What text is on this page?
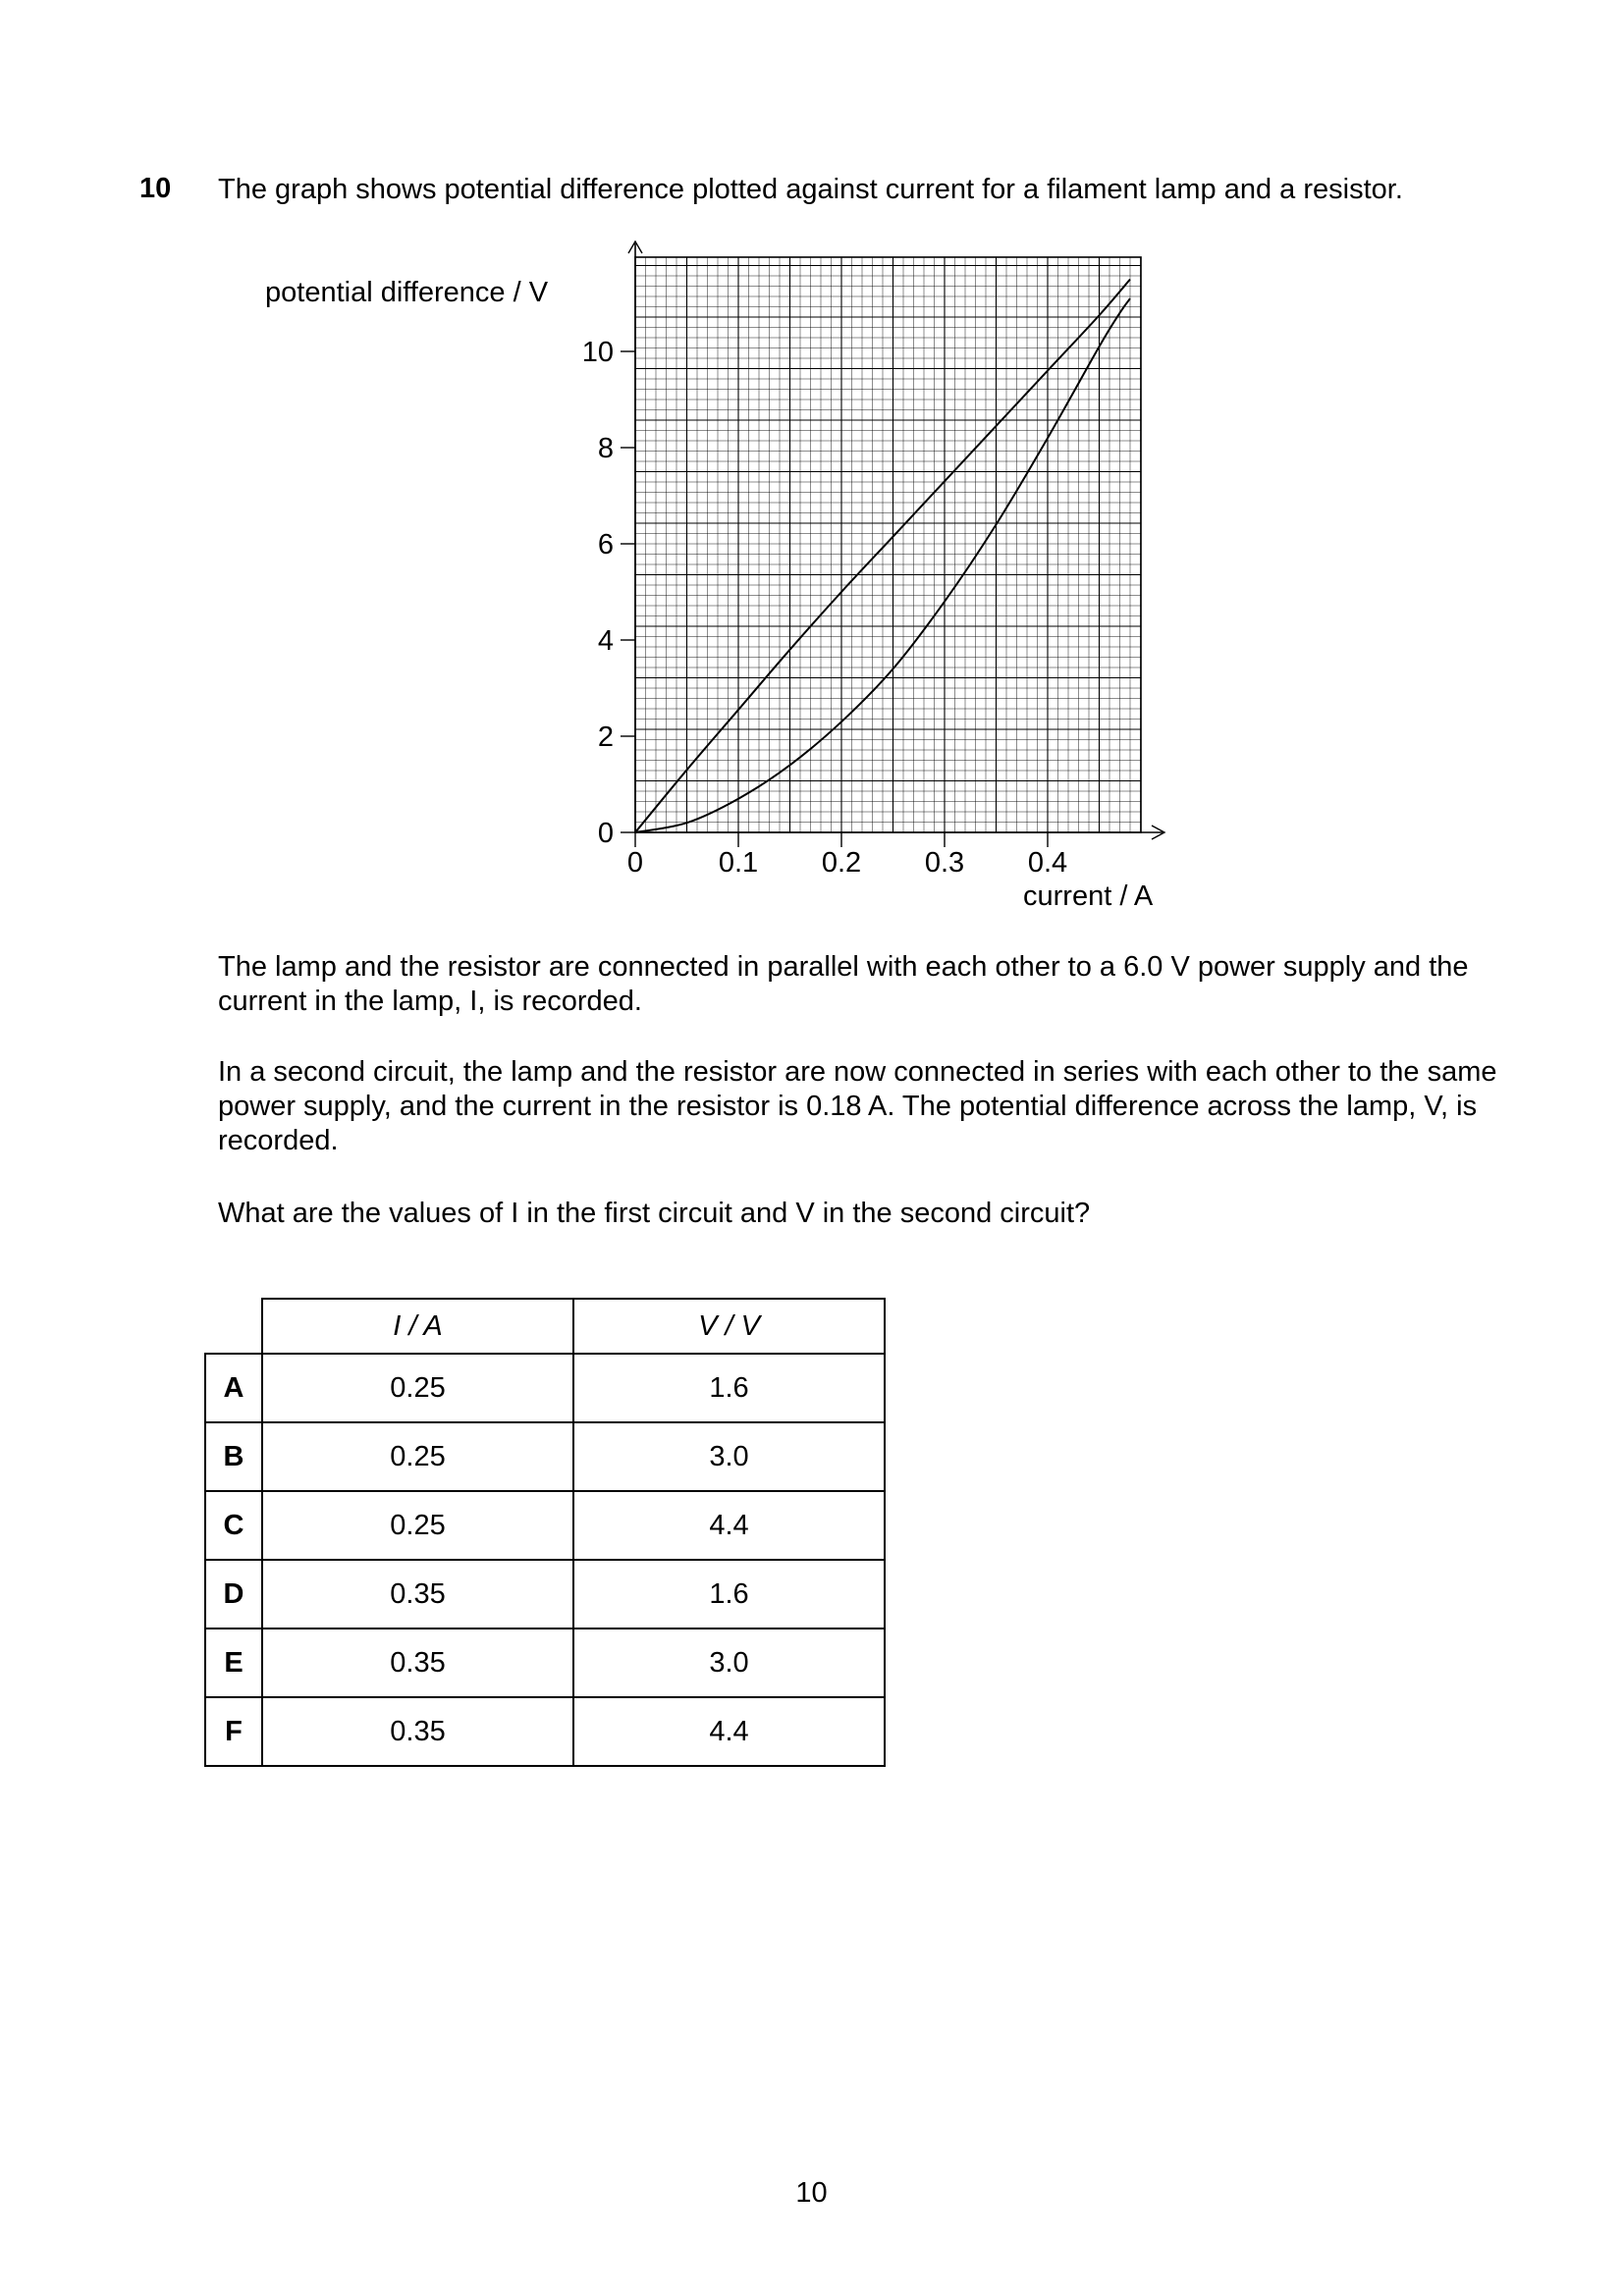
10 The graph shows potential difference plotted against current for a filament lamp and a resistor.
0
2
4
6
8
10
0	0.1 0.2 0.3 0.4
potential difference / V
current / A
The lamp and the resistor are connected in parallel with each other to a 6.0 V power supply and the current in the lamp, I, is recorded.
In a second circuit, the lamp and the resistor are now connected in series with each other to the same power supply, and the current in the resistor is 0.18 A. The potential difference across the lamp, V, is recorded.
What are the values of I in the first circuit and V in the second circuit?
	I / A	V / V
A	0.25	1.6
B	0.25	3.0
C	0.25	4.4
D	0.35	1.6
E	0.35	3.0
F	0.35	4.4
10
